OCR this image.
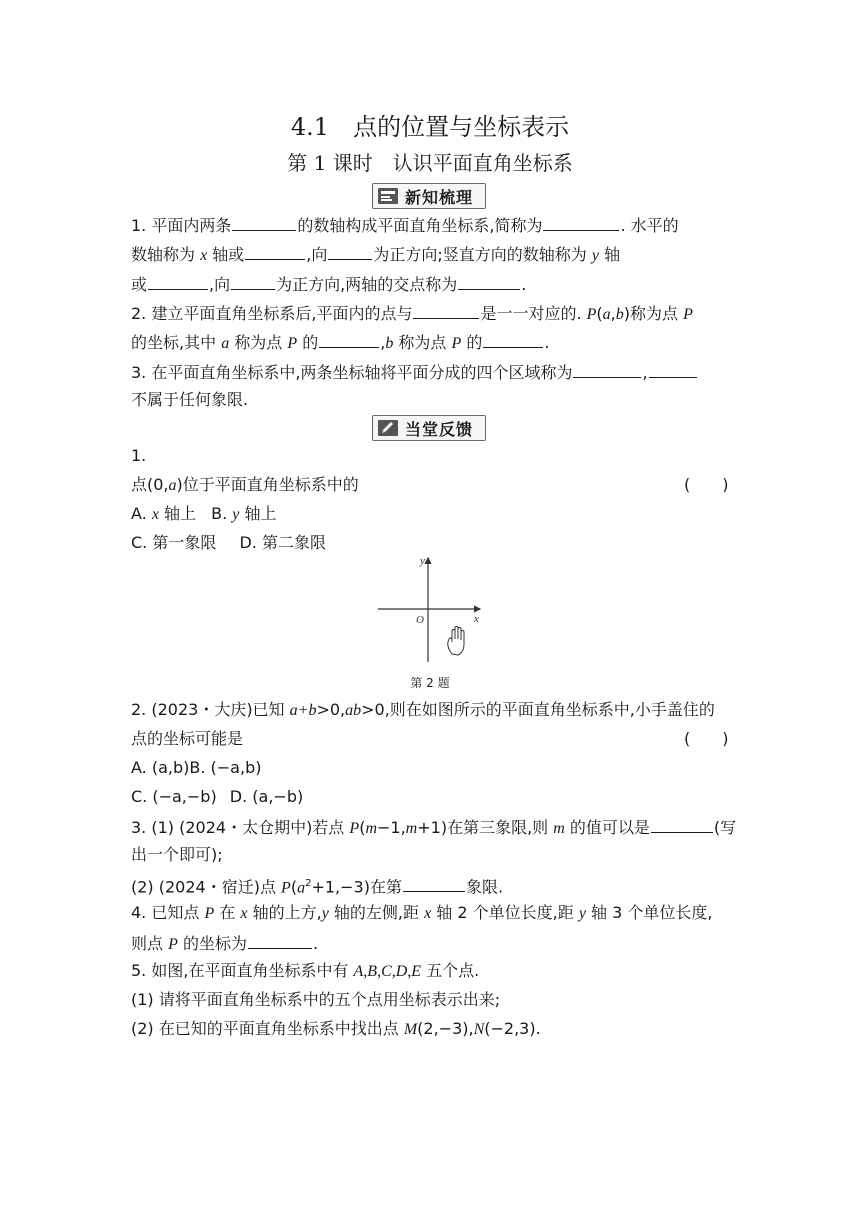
4.1　点的位置与坐标表示
第 1 课时　认识平面直角坐标系
新知梳理
1. 平面内两条	的数轴构成平面直角坐标系,简称为	. 水平的
数轴称为 x 轴或	,向	为正方向;竖直方向的数轴称为 y 轴
或	,向	为正方向,两轴的交点称为	.
2. 建立平面直角坐标系后,平面内的点与	是一一对应的. P(a,b)称为点 P
的坐标,其中 a 称为点 P 的	,b 称为点 P 的	.
3. 在平面直角坐标系中,两条坐标轴将平面分成的四个区域称为	,
不属于任何象限.
当堂反馈
1.
点(0,a)位于平面直角坐标系中的	(　　)
A. x 轴上 B. y 轴上
C. 第一象限 D. 第二象限
x
y
O
第 2 题
2. (2023・大庆)已知 a+b>0,ab>0,则在如图所示的平面直角坐标系中,小手盖住的
点的坐标可能是	(　　)
A. (a,b)B. (−a,b)
C. (−a,−b) D. (a,−b)
3. (1) (2024・太仓期中)若点 P(m−1,m+1)在第三象限,则 m 的值可以是	(写
出一个即可);
(2) (2024・宿迁)点 $P(a^2+1,-3)$在第	象限.
4. 已知点 P 在 x 轴的上方,y 轴的左侧,距 x 轴 2 个单位长度,距 y 轴 3 个单位长度,
则点 P 的坐标为	.
5. 如图,在平面直角坐标系中有 A,B,C,D,E 五个点.
(1) 请将平面直角坐标系中的五个点用坐标表示出来;
(2) 在已知的平面直角坐标系中找出点 M(2,−3),N(−2,3).
